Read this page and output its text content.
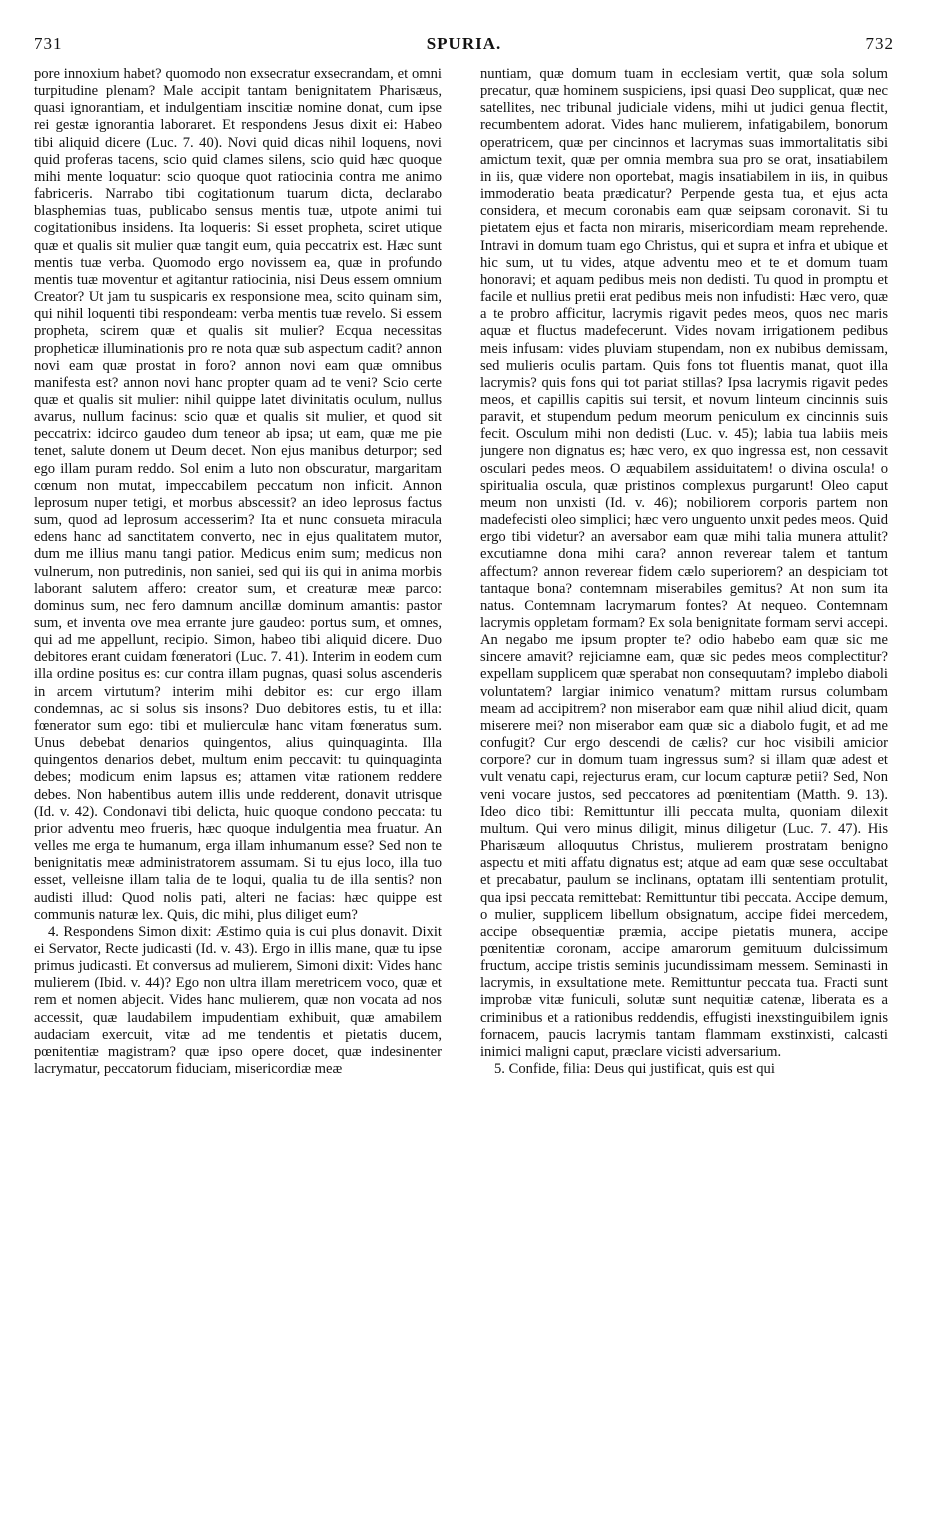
731	SPURIA.	732

pore innoxium habet? quomodo non exsecratur exsecrandam, et omni turpitudine plenam? Male accipit tantam benignitatem Pharisæus, quasi ignorantiam, et indulgentiam inscitiæ nomine donat, cum ipse rei gestæ ignorantia laboraret. Et respondens Jesus dixit ei: Habeo tibi aliquid dicere (Luc. 7. 40). Novi quid dicas nihil loquens, novi quid proferas tacens, scio quid clames silens, scio quid hæc quoque mihi mente loquatur: scio quoque quot ratiocinia contra me animo fabriceris. Narrabo tibi cogitationum tuarum dicta, declarabo blasphemias tuas, publicabo sensus mentis tuæ, utpote animi tui cogitationibus insidens. Ita loqueris: Si esset propheta, sciret utique quæ et qualis sit mulier quæ tangit eum, quia peccatrix est. Hæc sunt mentis tuæ verba. Quomodo ergo novissem ea, quæ in profundo mentis tuæ moventur et agitantur ratiocinia, nisi Deus essem omnium Creator? Ut jam tu suspicaris ex responsione mea, scito quinam sim, qui nihil loquenti tibi respondeam: verba mentis tuæ revelo. Si essem propheta, scirem quæ et qualis sit mulier? Ecqua necessitas propheticæ illuminationis pro re nota quæ sub aspectum cadit? annon novi eam quæ prostat in foro? annon novi eam quæ omnibus manifesta est? annon novi hanc propter quam ad te veni? Scio certe quæ et qualis sit mulier: nihil quippe latet divinitatis oculum, nullus avarus, nullum facinus: scio quæ et qualis sit mulier, et quod sit peccatrix: idcirco gaudeo dum teneor ab ipsa; ut eam, quæ me pie tenet, salute donem ut Deum decet. Non ejus manibus deturpor; sed ego illam puram reddo. Sol enim a luto non obscuratur, margaritam cœnum non mutat, impeccabilem peccatum non inficit. Annon leprosum nuper tetigi, et morbus abscessit? an ideo leprosus factus sum, quod ad leprosum accesserim? Ita et nunc consueta miracula edens hanc ad sanctitatem converto, nec in ejus qualitatem mutor, dum me illius manu tangi patior. Medicus enim sum; medicus non vulnerum, non putredinis, non saniei, sed qui iis qui in anima morbis laborant salutem affero: creator sum, et creaturæ meæ parco: dominus sum, nec fero damnum ancillæ dominum amantis: pastor sum, et inventa ove mea errante jure gaudeo: portus sum, et omnes, qui ad me appellunt, recipio. Simon, habeo tibi aliquid dicere. Duo debitores erant cuidam fœneratori (Luc. 7. 41). Interim in eodem cum illa ordine positus es: cur contra illam pugnas, quasi solus ascenderis in arcem virtutum? interim mihi debitor es: cur ergo illam condemnas, ac si solus sis insons? Duo debitores estis, tu et illa: fœnerator sum ego: tibi et mulierculæ hanc vitam fœneratus sum. Unus debebat denarios quingentos, alius quinquaginta. Illa quingentos denarios debet, multum enim peccavit: tu quinquaginta debes; modicum enim lapsus es; attamen vitæ rationem reddere debes. Non habentibus autem illis unde redderent, donavit utrisque (Id. v. 42). Condonavi tibi delicta, huic quoque condono peccata: tu prior adventu meo frueris, hæc quoque indulgentia mea fruatur. An velles me erga te humanum, erga illam inhumanum esse? Sed non te benignitatis meæ administratorem assumam. Si tu ejus loco, illa tuo esset, velleisne illam talia de te loqui, qualia tu de illa sentis? non audisti illud: Quod nolis pati, alteri ne facias: hæc quippe est communis naturæ lex. Quis, dic mihi, plus diliget eum?

4. Respondens Simon dixit: Æstimo quia is cui plus donavit. Dixit ei Servator, Recte judicasti (Id. v. 43). Ergo in illis mane, quæ tu ipse primus judicasti. Et conversus ad mulierem, Simoni dixit: Vides hanc mulierem (Ibid. v. 44)? Ego non ultra illam meretricem voco, quæ et rem et nomen abjecit. Vides hanc mulierem, quæ non vocata ad nos accessit, quæ laudabilem impudentiam exhibuit, quæ amabilem audaciam exercuit, vitæ ad me tendentis et pietatis ducem, pœnitentiæ magistram? quæ ipso opere docet, quæ indesinenter lacrymatur, peccatorum fiduciam, misericordiæ meæ

nuntiam, quæ domum tuam in ecclesiam vertit, quæ sola solum precatur, quæ hominem suspiciens, ipsi quasi Deo supplicat, quæ nec satellites, nec tribunal judiciale videns, mihi ut judici genua flectit, recumbentem adorat. Vides hanc mulierem, infatigabilem, bonorum operatricem, quæ per cincinnos et lacrymas suas immortalitatis sibi amictum texit, quæ per omnia membra sua pro se orat, insatiabilem in iis, quæ videre non oportebat, magis insatiabilem in iis, in quibus immoderatio beata prædicatur? Perpende gesta tua, et ejus acta considera, et mecum coronabis eam quæ seipsam coronavit. Si tu pietatem ejus et facta non miraris, misericordiam meam reprehende. Intravi in domum tuam ego Christus, qui et supra et infra et ubique et hic sum, ut tu vides, atque adventu meo et te et domum tuam honoravi; et aquam pedibus meis non dedisti. Tu quod in promptu et facile et nullius pretii erat pedibus meis non infudisti: Hæc vero, quæ a te probro afficitur, lacrymis rigavit pedes meos, quos nec maris aquæ et fluctus madefecerunt. Vides novam irrigationem pedibus meis infusam: vides pluviam stupendam, non ex nubibus demissam, sed mulieris oculis partam. Quis fons tot fluentis manat, quot illa lacrymis? quis fons qui tot pariat stillas? Ipsa lacrymis rigavit pedes meos, et capillis capitis sui tersit, et novum linteum cincinnis suis paravit, et stupendum pedum meorum peniculum ex cincinnis suis fecit. Osculum mihi non dedisti (Luc. v. 45); labia tua labiis meis jungere non dignatus es; hæc vero, ex quo ingressa est, non cessavit osculari pedes meos. O æquabilem assiduitatem! o divina oscula! o spiritualia oscula, quæ pristinos complexus purgarunt! Oleo caput meum non unxisti (Id. v. 46); nobiliorem corporis partem non madefecisti oleo simplici; hæc vero unguento unxit pedes meos. Quid ergo tibi videtur? an aversabor eam quæ mihi talia munera attulit? excutiamne dona mihi cara? annon reverear talem et tantum affectum? annon reverear fidem cælo superiorem? an despiciam tot tantaque bona? contemnam miserabiles gemitus? At non sum ita natus. Contemnam lacrymarum fontes? At nequeo. Contemnam lacrymis oppletam formam? Ex sola benignitate formam servi accepi. An negabo me ipsum propter te? odio habebo eam quæ sic me sincere amavit? rejiciamne eam, quæ sic pedes meos complectitur? expellam supplicem quæ sperabat non consequutam? implebo diaboli voluntatem? largiar inimico venatum? mittam rursus columbam meam ad accipitrem? non miserabor eam quæ nihil aliud dicit, quam miserere mei? non miserabor eam quæ sic a diabolo fugit, et ad me confugit? Cur ergo descendi de cælis? cur hoc visibili amicior corpore? cur in domum tuam ingressus sum? si illam quæ adest et vult venatu capi, rejecturus eram, cur locum capturæ petii? Sed, Non veni vocare justos, sed peccatores ad pœnitentiam (Matth. 9. 13). Ideo dico tibi: Remittuntur illi peccata multa, quoniam dilexit multum. Qui vero minus diligit, minus diligetur (Luc. 7. 47). His Pharisæum alloquutus Christus, mulierem prostratam benigno aspectu et miti affatu dignatus est; atque ad eam quæ sese occultabat et precabatur, paulum se inclinans, optatam illi sententiam protulit, qua ipsi peccata remittebat: Remittuntur tibi peccata. Accipe demum, o mulier, supplicem libellum obsignatum, accipe fidei mercedem, accipe obsequentiæ præmia, accipe pietatis munera, accipe pœnitentiæ coronam, accipe amarorum gemituum dulcissimum fructum, accipe tristis seminis jucundissimam messem. Seminasti in lacrymis, in exsultatione mete. Remittuntur peccata tua. Fracti sunt improbæ vitæ funiculi, solutæ sunt nequitiæ catenæ, liberata es a criminibus et a rationibus reddendis, effugisti inexstinguibilem ignis fornacem, paucis lacrymis tantam flammam exstinxisti, calcasti inimici maligni caput, præclare vicisti adversarium.

5. Confide, filia: Deus qui justificat, quis est qui
